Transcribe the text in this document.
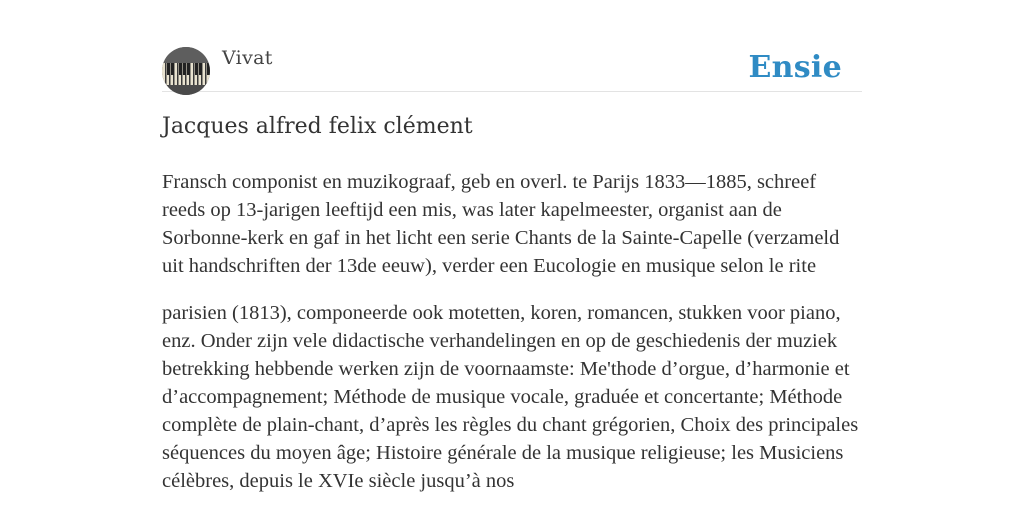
Vivat	Ensie
Jacques alfred felix clément

Fransch componist en muzikograaf, geb en overl. te Parijs 1833—1885, schreef reeds op 13-jarigen leeftijd een mis, was later kapelmeester, organist aan de Sorbonne-kerk en gaf in het licht een serie Chants de la Sainte-Capelle (verzameld uit handschriften der 13de eeuw), verder een Eucologie en musique selon le rite

parisien (1813), componeerde ook motetten, koren, romancen, stukken voor piano, enz. Onder zijn vele didactische verhandelingen en op de geschiedenis der muziek betrekking hebbende werken zijn de voornaamste: Me'thode d’orgue, d’harmonie et d’accompagnement; Méthode de musique vocale, graduée et concertante; Méthode complète de plain-chant, d’après les règles du chant grégorien, Choix des principales séquences du moyen âge; Histoire générale de la musique religieuse; les Musiciens célèbres, depuis le XVIe siècle jusqu’à nos
